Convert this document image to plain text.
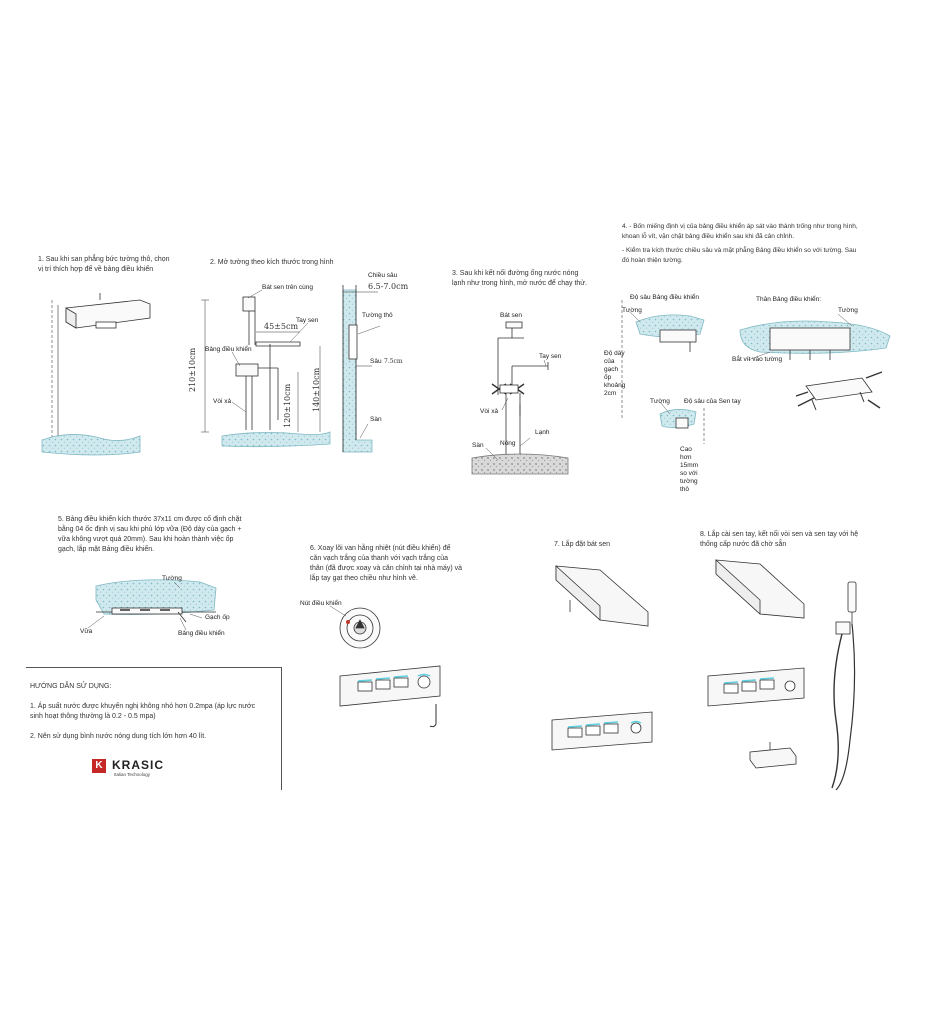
1. Sau khi san phẳng bức tường thô, chọn
vị trí thích hợp để về bảng điều khiển
2. Mở tường theo kích thước trong hình
3. Sau khi kết nối đường ống nước nóng
lạnh như trong hình, mở nước để chạy thử.
4. - Bốn miếng định vị của bảng điều khiển áp sát vào thành trống như trong hình,
khoan lỗ vít, vặn chặt bảng điều khiển sau khi đã cân chỉnh.
- Kiểm tra kích thước chiều sâu và mặt phẳng Bảng điều khiển so với tường. Sau
đó hoàn thiện tường.
5. Bảng điều khiển kích thước 37x11 cm được cố định chặt
bằng 04 ốc định vị sau khi phủ lớp vữa (Độ dày của gạch +
vữa không vượt quá 20mm). Sau khi hoàn thành việc ốp
gạch, lắp mặt Bảng điều khiển.	6. Xoay lõi van hằng nhiệt (nút điều khiển) để
căn vạch trắng của thanh với vạch trắng của
thân (đã được xoay và căn chỉnh tại nhà máy) và
lắp tay gạt theo chiều như hình vẽ.
7. Lắp đặt bát sen
8. Lắp cài sen tay, kết nối vòi sen và sen tay với hệ
thống cấp nước đã chờ sẵn
Bát sen trên cùng
Tay sen
Bảng điều khiển
Vòi xả
45±5cm
210±10cm
120±10cm	140±10cm
Chiều sâu
6.5-7.0cm
Tường thô
Sâu 7.5cm
Sàn
Bát sen
Tay sen
Vòi xả
Nóng
Lạnh
Sàn
Độ sâu Bảng điều khiển
Tường
Độ dày
của
gạch
ốp
khoảng
2cm
Thân Bảng điều khiển:
Tường
Bắt vít vào tường
Tường Độ sâu của Sen tay
Cao
hơn
15mm
so với
tường
thô
Tường
Gạch ốp
Vữa	Bảng điều khiển
Nút điều khiển
HƯỚNG DẪN SỬ DỤNG:
1. Áp suất nước được khuyến nghị không nhỏ hơn 0.2mpa (áp lực nước
sinh hoạt thông thường là 0.2 - 0.5 mpa)
2. Nên sử dụng bình nước nóng dung tích lớn hơn 40 lít.
K KRASIC
Italian Technology
